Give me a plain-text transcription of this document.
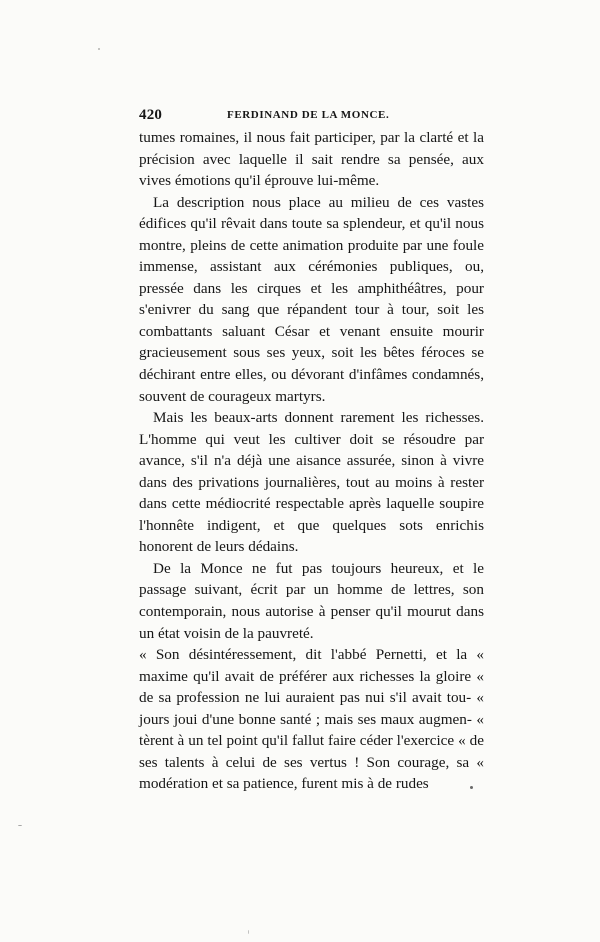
420	FERDINAND DE LA MONCE.

tumes romaines, il nous fait participer, par la clarté et la précision avec laquelle il sait rendre sa pensée, aux vives émotions qu'il éprouve lui-même.

La description nous place au milieu de ces vastes édifices qu'il rêvait dans toute sa splendeur, et qu'il nous montre, pleins de cette animation produite par une foule immense, assistant aux cérémonies publiques, ou, pressée dans les cirques et les amphithéâtres, pour s'enivrer du sang que répandent tour à tour, soit les combattants saluant César et venant ensuite mourir gracieusement sous ses yeux, soit les bêtes féroces se déchirant entre elles, ou dévorant d'infâmes condamnés, souvent de courageux martyrs.

Mais les beaux-arts donnent rarement les richesses. L'homme qui veut les cultiver doit se résoudre par avance, s'il n'a déjà une aisance assurée, sinon à vivre dans des privations journalières, tout au moins à rester dans cette médiocrité respectable après laquelle soupire l'honnête indigent, et que quelques sots enrichis honorent de leurs dédains.

De la Monce ne fut pas toujours heureux, et le passage suivant, écrit par un homme de lettres, son contemporain, nous autorise à penser qu'il mourut dans un état voisin de la pauvreté.

« Son désintéressement, dit l'abbé Pernetti, et la « maxime qu'il avait de préférer aux richesses la gloire « de sa profession ne lui auraient pas nui s'il avait tou- « jours joui d'une bonne santé ; mais ses maux augmen- « tèrent à un tel point qu'il fallut faire céder l'exercice « de ses talents à celui de ses vertus ! Son courage, sa « modération et sa patience, furent mis à de rudes
